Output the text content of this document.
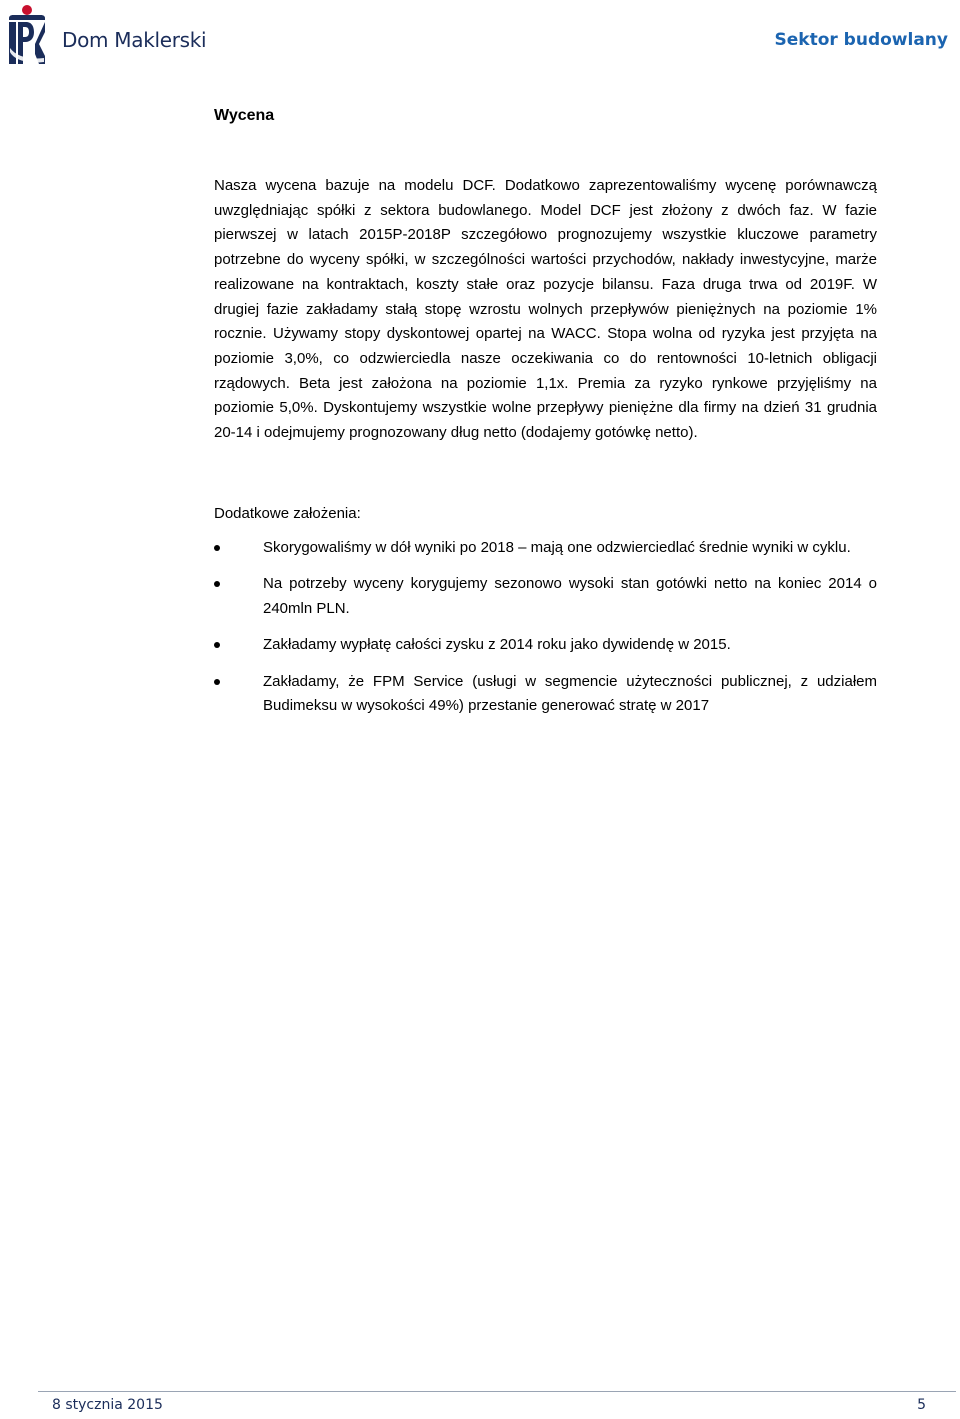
Dom Maklerski	Sektor budowlany
Wycena

Nasza wycena bazuje na modelu DCF. Dodatkowo zaprezentowaliśmy wycenę porównawczą uwzględniając spółki z sektora budowlanego. Model DCF jest złożony z dwóch faz. W fazie pierwszej w latach 2015P-2018P szczegółowo prognozujemy wszystkie kluczowe parametry potrzebne do wyceny spółki, w szczególności wartości przychodów, nakłady inwestycyjne, marże realizowane na kontraktach, koszty stałe oraz pozycje bilansu. Faza druga trwa od 2019F. W drugiej fazie zakładamy stałą stopę wzrostu wolnych przepływów pieniężnych na poziomie 1% rocznie. Używamy stopy dyskontowej opartej na WACC. Stopa wolna od ryzyka jest przyjęta na poziomie 3,0%, co odzwierciedla nasze oczekiwania co do rentowności 10-letnich obligacji rządowych. Beta jest założona na poziomie 1,1x. Premia za ryzyko rynkowe przyjęliśmy na poziomie 5,0%. Dyskontujemy wszystkie wolne przepływy pieniężne dla firmy na dzień 31 grudnia 20-14 i odejmujemy prognozowany dług netto (dodajemy gotówkę netto).

Dodatkowe założenia:

Skorygowaliśmy w dół wyniki po 2018 – mają one odzwierciedlać średnie wyniki w cyklu.
Na potrzeby wyceny korygujemy sezonowo wysoki stan gotówki netto na koniec 2014 o 240mln PLN.
Zakładamy wypłatę całości zysku z 2014 roku jako dywidendę w 2015.
Zakładamy, że FPM Service (usługi w segmencie użyteczności publicznej, z udziałem Budimeksu w wysokości 49%) przestanie generować stratę w 2017
8 stycznia 2015	5
